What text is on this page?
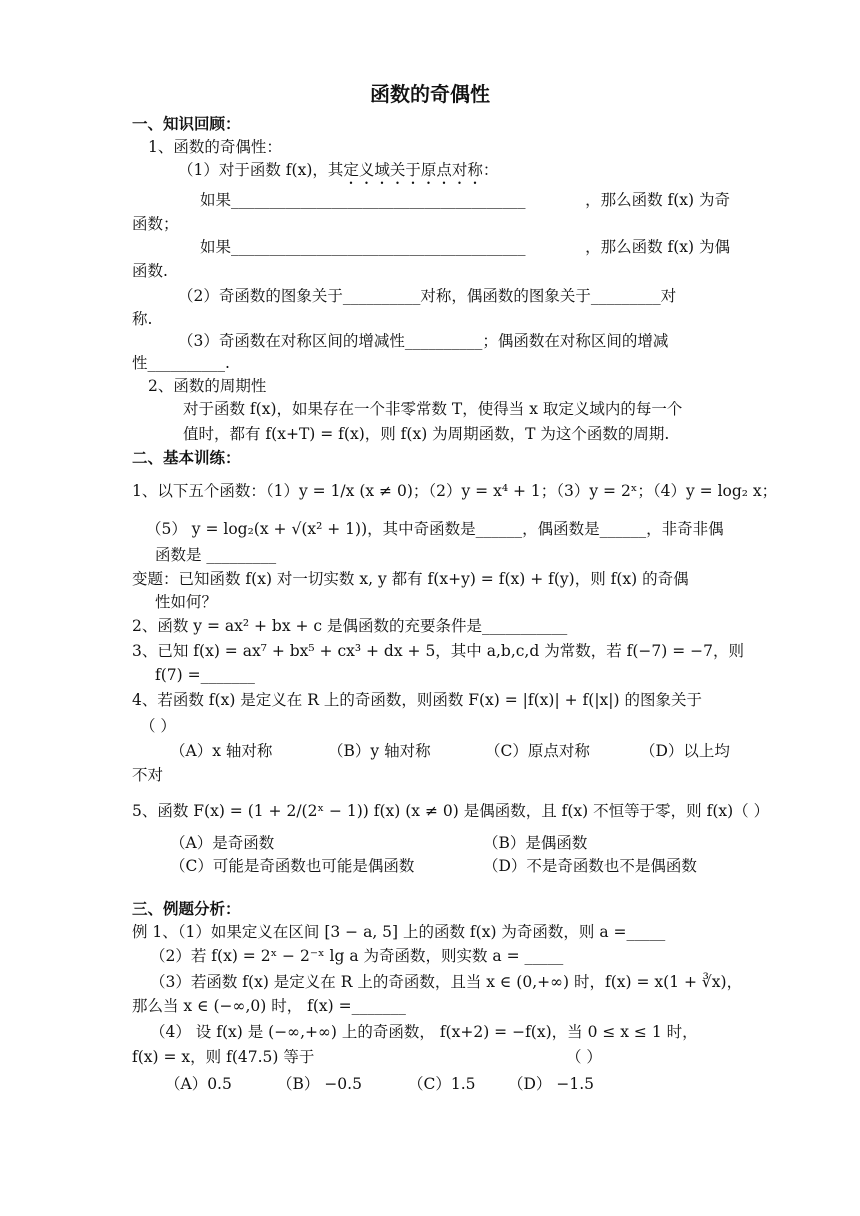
函数的奇偶性
一、知识回顾：
1、函数的奇偶性：
（1）对于函数 f(x)，其定义域关于原点对称：
如果______________________________________	，那么函数 f(x) 为奇
函数；
如果______________________________________	，那么函数 f(x) 为偶
函数.
（2）奇函数的图象关于__________对称，偶函数的图象关于_________对
称.
（3）奇函数在对称区间的增减性__________；偶函数在对称区间的增减
性__________.
2、函数的周期性
对于函数 f(x)，如果存在一个非零常数 T，使得当 x 取定义域内的每一个
值时，都有 f(x+T) = f(x)，则 f(x) 为周期函数，T 为这个函数的周期.
二、基本训练：
1、以下五个函数：（1）y = 1/x (x ≠ 0)；（2）y = x⁴ + 1；（3）y = 2ˣ；（4）y = log₂ x；
（5） y = log₂(x + √(x² + 1))，其中奇函数是______，偶函数是______，非奇非偶
函数是 _________
变题：已知函数 f(x) 对一切实数 x, y 都有 f(x+y) = f(x) + f(y)，则 f(x) 的奇偶
性如何？
2、函数 y = ax² + bx + c 是偶函数的充要条件是___________
3、已知 f(x) = ax⁷ + bx⁵ + cx³ + dx + 5，其中 a,b,c,d 为常数，若 f(−7) = −7，则
f(7) =_______
4、若函数 f(x) 是定义在 R 上的奇函数，则函数 F(x) = |f(x)| + f(|x|) 的图象关于
（ ）
（A）x 轴对称	（B）y 轴对称	（C）原点对称	（D）以上均
不对
5、函数 F(x) = (1 + 2/(2ˣ − 1)) f(x) (x ≠ 0) 是偶函数，且 f(x) 不恒等于零，则 f(x)（ ）
（A）是奇函数	（B）是偶函数
（C）可能是奇函数也可能是偶函数	（D）不是奇函数也不是偶函数
三、例题分析：
例 1、（1）如果定义在区间 [3 − a, 5] 上的函数 f(x) 为奇函数，则 a =_____
（2）若 f(x) = 2ˣ − 2⁻ˣ lg a 为奇函数，则实数 a = _____
（3）若函数 f(x) 是定义在 R 上的奇函数，且当 x ∈ (0,+∞) 时，f(x) = x(1 + ∛x)，
那么当 x ∈ (−∞,0) 时， f(x) =_______
（4） 设 f(x) 是 (−∞,+∞) 上的奇函数， f(x+2) = −f(x)，当 0 ≤ x ≤ 1 时，
f(x) = x，则 f(47.5) 等于	（ ）
（A）0.5	（B） −0.5	（C）1.5 （D） −1.5
